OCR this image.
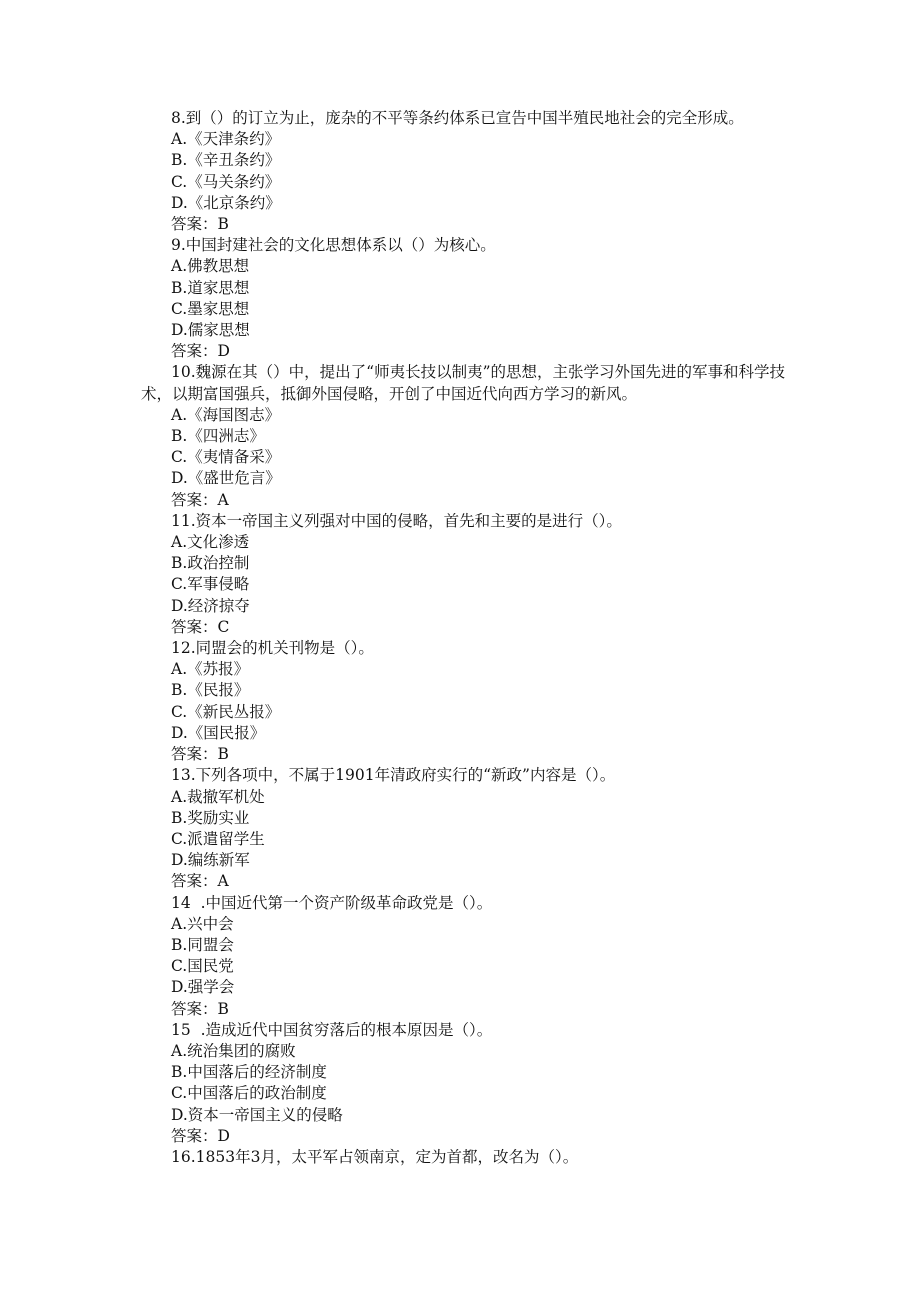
8.到（）的订立为止，庞杂的不平等条约体系已宣告中国半殖民地社会的完全形成。

A.《天津条约》

B.《辛丑条约》

C.《马关条约》

D.《北京条约》

答案：B

9.中国封建社会的文化思想体系以（）为核心。

A.佛教思想

B.道家思想

C.墨家思想

D.儒家思想

答案：D

10.魏源在其（）中，提出了“师夷长技以制夷”的思想，主张学习外国先进的军事和科学技术，以期富国强兵，抵御外国侵略，开创了中国近代向西方学习的新风。

A.《海国图志》

B.《四洲志》

C.《夷情备采》

D.《盛世危言》

答案：A

11.资本一帝国主义列强对中国的侵略，首先和主要的是进行（）。

A.文化渗透

B.政治控制

C.军事侵略

D.经济掠夺

答案：C

12.同盟会的机关刊物是（）。

A.《苏报》

B.《民报》

C.《新民丛报》

D.《国民报》

答案：B

13.下列各项中，不属于1901年清政府实行的“新政”内容是（）。

A.裁撤军机处

B.奖励实业

C.派遣留学生

D.编练新军

答案：A

14  .中国近代第一个资产阶级革命政党是（）。

A.兴中会

B.同盟会

C.国民党

D.强学会

答案：B

15  .造成近代中国贫穷落后的根本原因是（）。

A.统治集团的腐败

B.中国落后的经济制度

C.中国落后的政治制度

D.资本一帝国主义的侵略

答案：D

16.1853年3月，太平军占领南京，定为首都，改名为（）。
